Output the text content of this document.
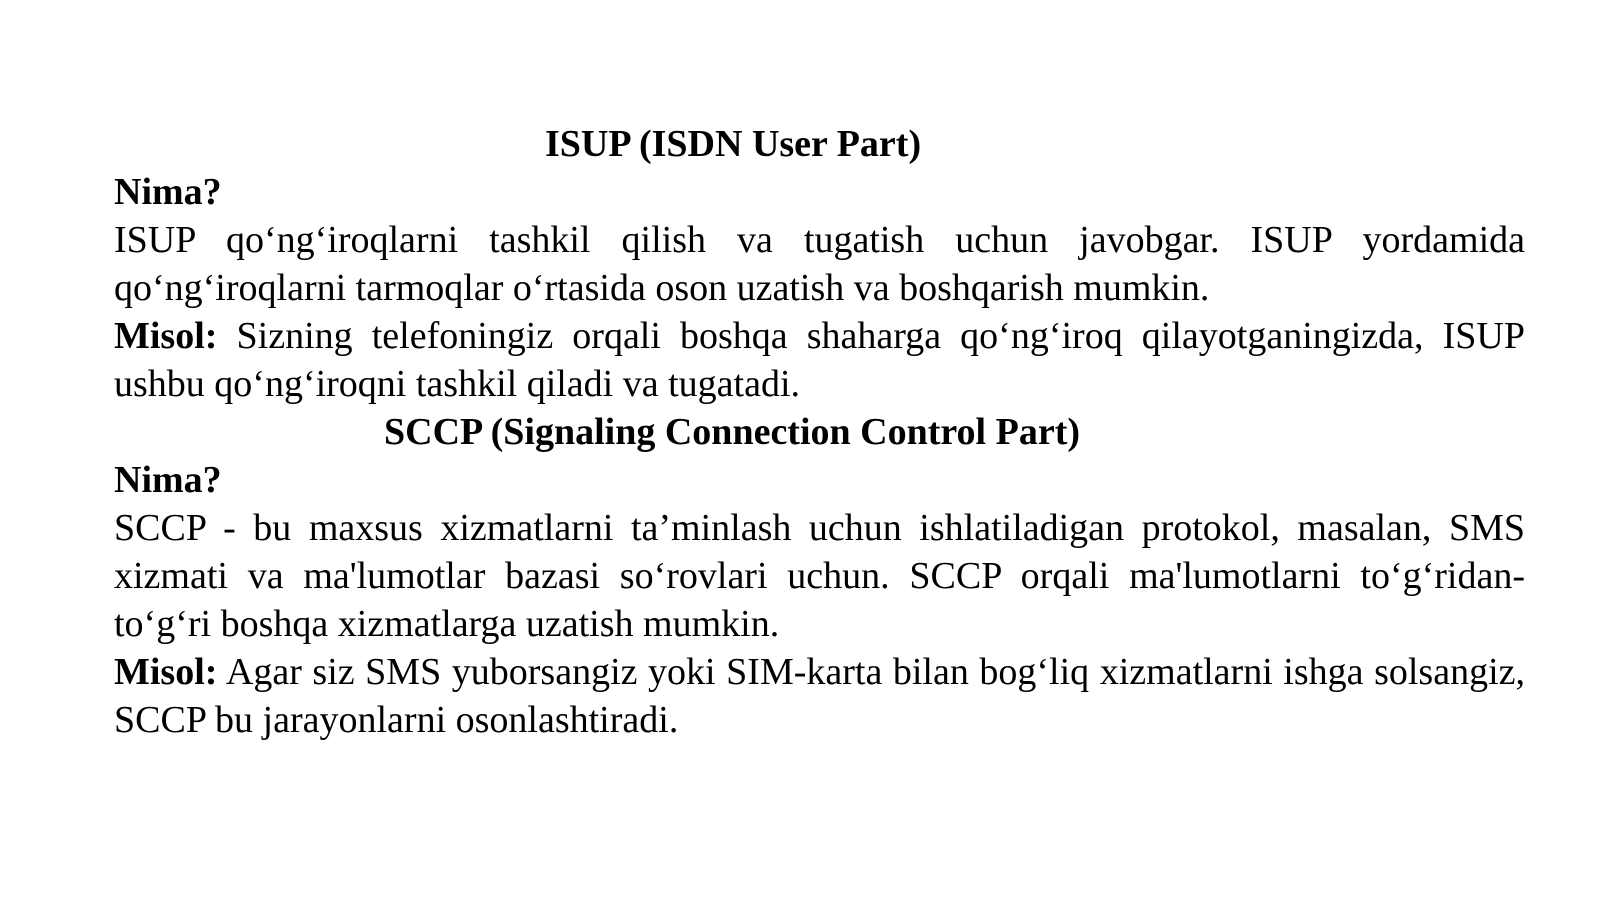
ISUP (ISDN User Part)
Nima?

ISUP qo‘ng‘iroqlarni tashkil qilish va tugatish uchun javobgar. ISUP yordamida qo‘ng‘iroqlarni tarmoqlar o‘rtasida oson uzatish va boshqarish mumkin.

Misol: Sizning telefoningiz orqali boshqa shaharga qo‘ng‘iroq qilayotganingizda, ISUP ushbu qo‘ng‘iroqni tashkil qiladi va tugatadi.

SCCP (Signaling Connection Control Part)
Nima?

SCCP - bu maxsus xizmatlarni ta’minlash uchun ishlatiladigan protokol, masalan, SMS xizmati va ma'lumotlar bazasi so‘rovlari uchun. SCCP orqali ma'lumotlarni to‘g‘ridan-to‘g‘ri boshqa xizmatlarga uzatish mumkin.

Misol: Agar siz SMS yuborsangiz yoki SIM-karta bilan bog‘liq xizmatlarni ishga solsangiz, SCCP bu jarayonlarni osonlashtiradi.
